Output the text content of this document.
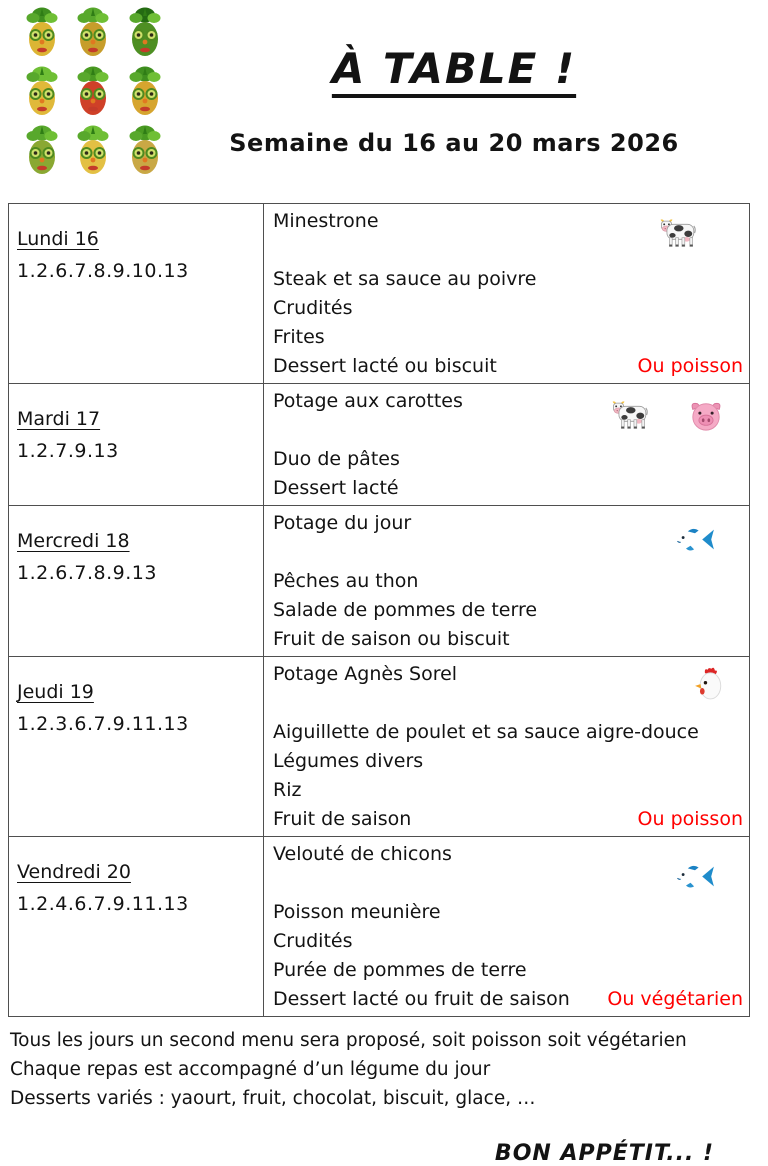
À TABLE !
Semaine du 16 au 20 mars 2026
Lundi 16
1.2.6.7.8.9.10.13

Minestrone

Steak et sa sauce au poivre
Crudités
Frites
Dessert lacté ou biscuit	Ou poisson

Mardi 17
1.2.7.9.13

Potage aux carottes

Duo de pâtes
Dessert lacté

Mercredi 18
1.2.6.7.8.9.13

Potage du jour

Pêches au thon
Salade de pommes de terre
Fruit de saison ou biscuit

Jeudi 19
1.2.3.6.7.9.11.13

Potage Agnès Sorel

Aiguillette de poulet et sa sauce aigre-douce
Légumes divers
Riz
Fruit de saison	Ou poisson

Vendredi 20
1.2.4.6.7.9.11.13

Velouté de chicons

Poisson meunière
Crudités
Purée de pommes de terre
Dessert lacté ou fruit de saison	Ou végétarien
Tous les jours un second menu sera proposé, soit poisson soit végétarien
Chaque repas est accompagné d’un légume du jour
Desserts variés : yaourt, fruit, chocolat, biscuit, glace, …
BON APPÉTIT... !
